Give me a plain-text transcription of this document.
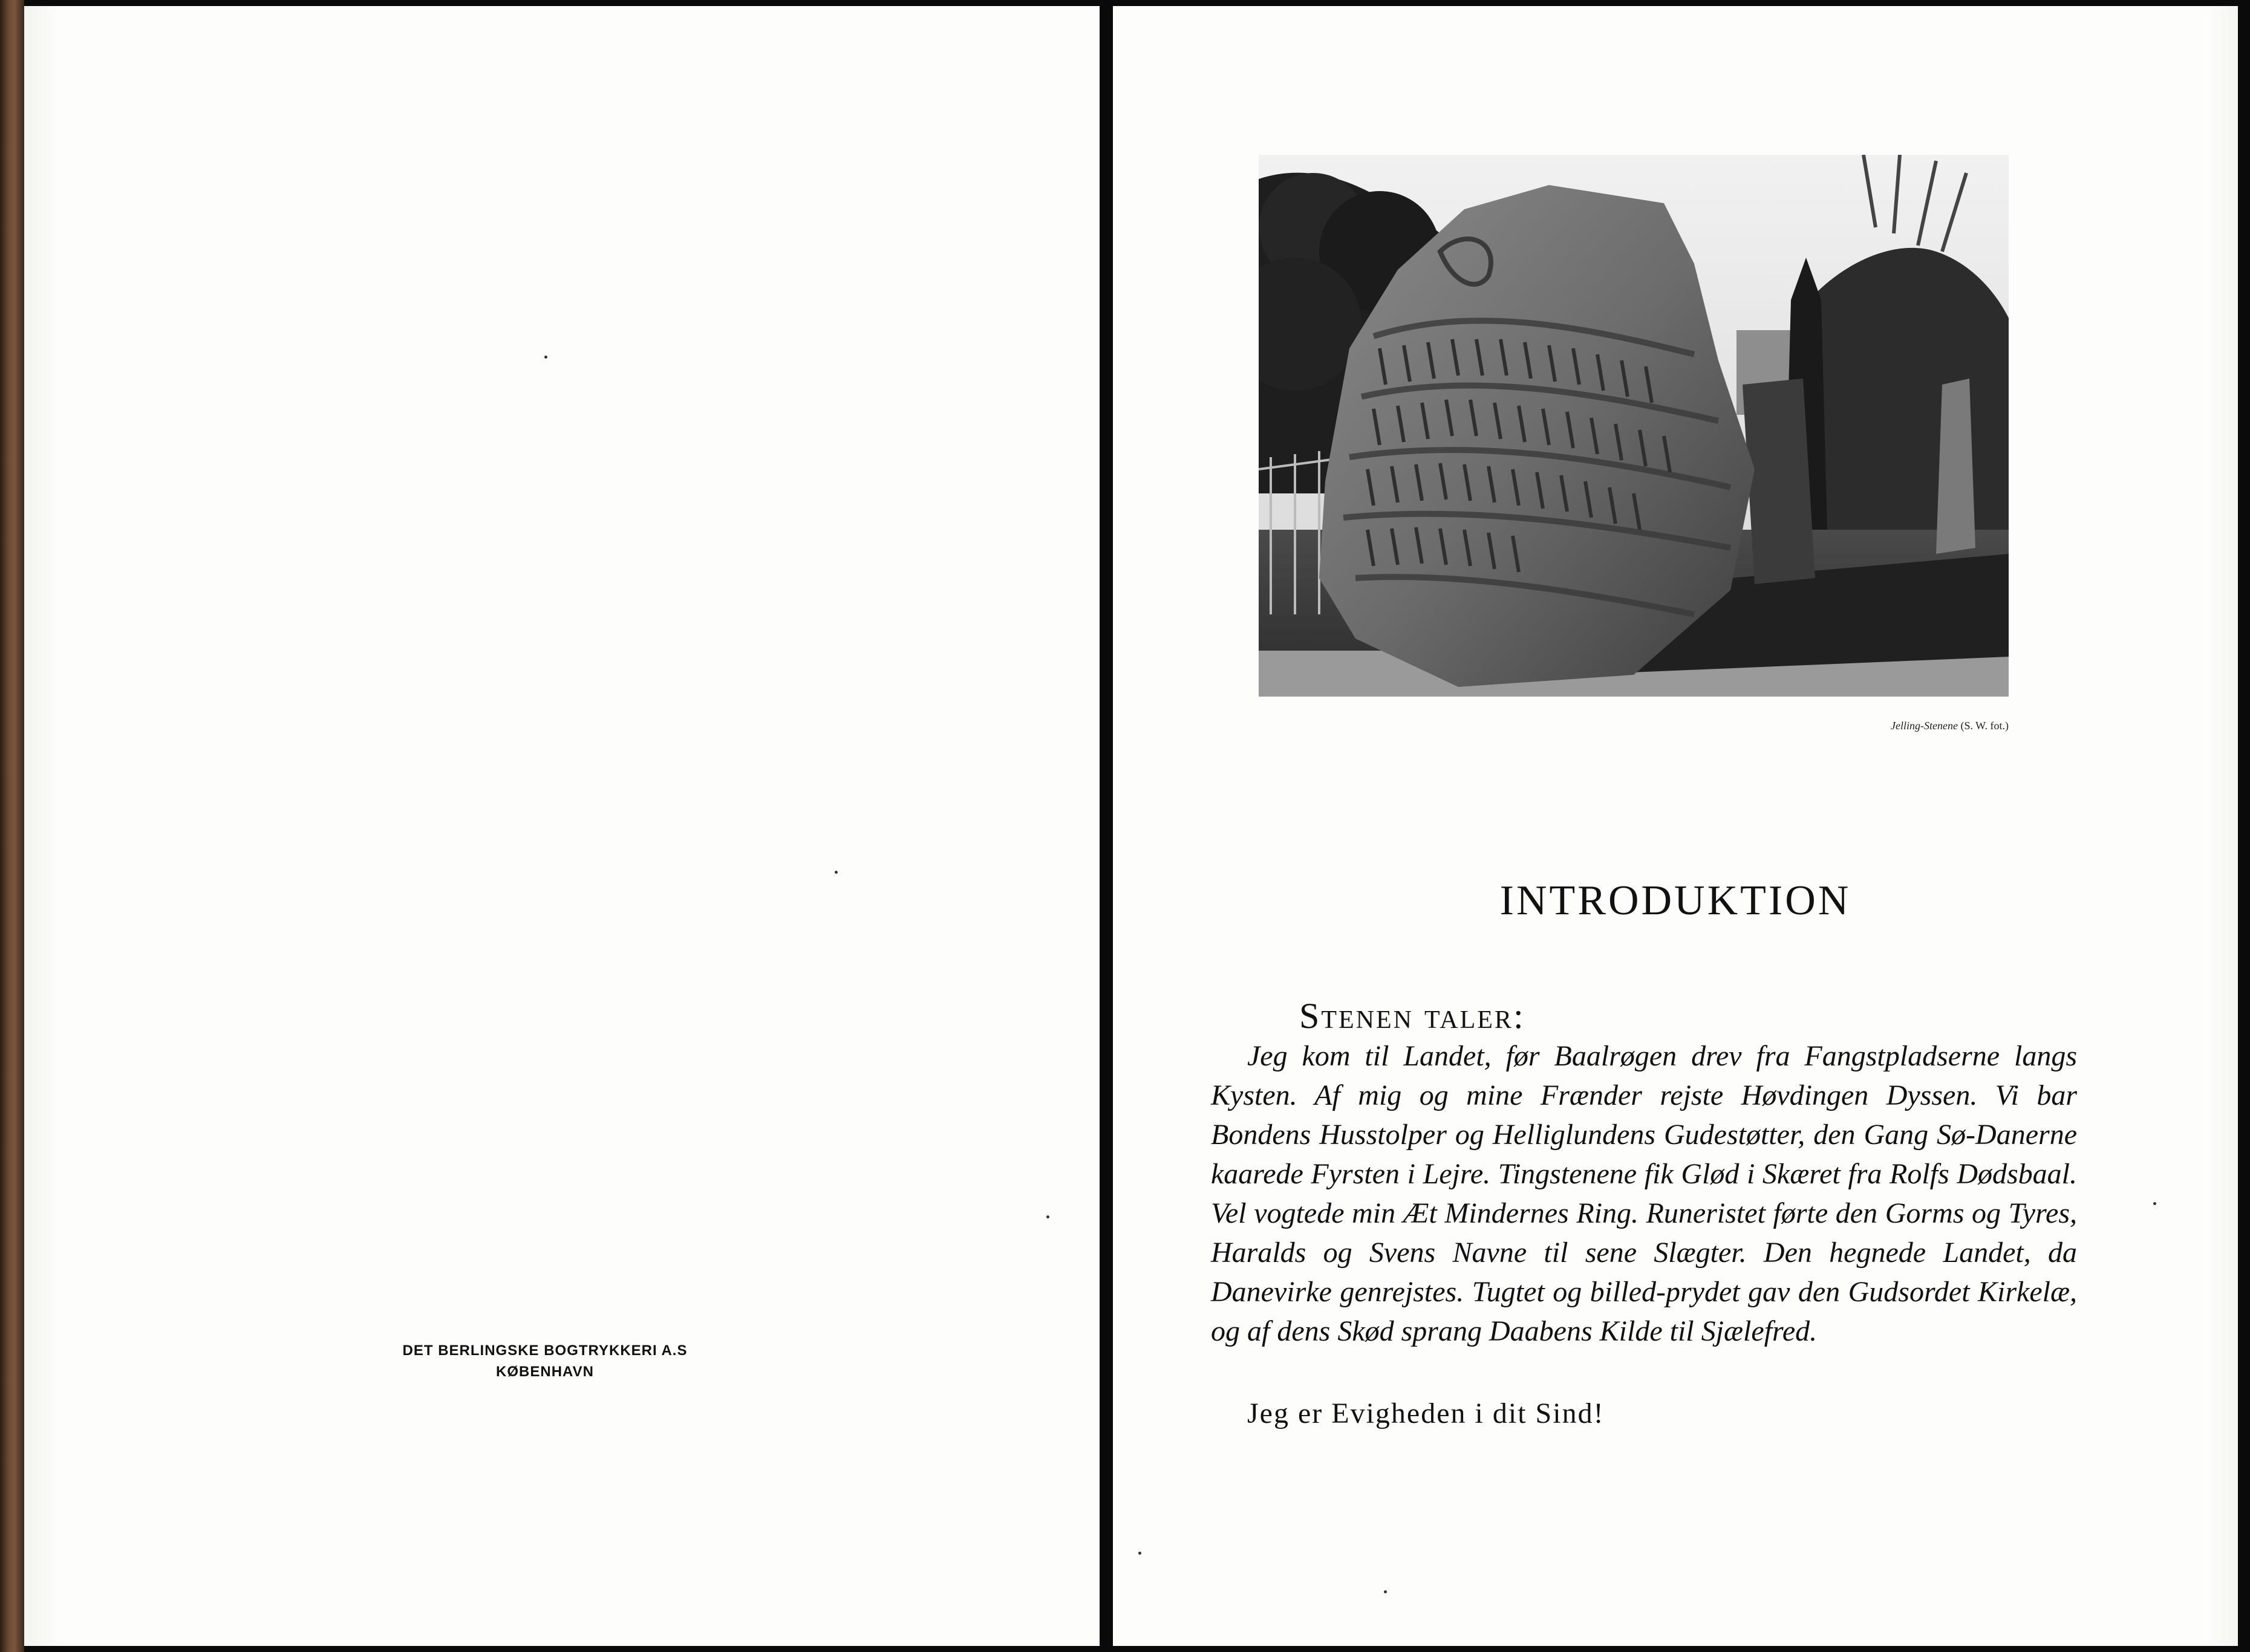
DET BERLINGSKE BOGTRYKKERI A.S
KØBENHAVN
Jelling-Stenene (S. W. fot.)
INTRODUKTION
Stenen taler:

Jeg kom til Landet, før Baalrøgen drev fra Fangstpladserne langs Kysten. Af mig og mine Frænder rejste Høvdingen Dyssen. Vi bar Bondens Husstolper og Helliglundens Gudestøtter, den Gang Sø-Danerne kaarede Fyrsten i Lejre. Tingstenene fik Glød i Skæret fra Rolfs Dødsbaal. Vel vogtede min Æt Mindernes Ring. Runeristet førte den Gorms og Tyres, Haralds og Svens Navne til sene Slægter. Den hegnede Landet, da Danevirke genrejstes. Tugtet og billed-prydet gav den Gudsordet Kirkelæ, og af dens Skød sprang Daabens Kilde til Sjælefred.

Jeg er Evigheden i dit Sind!
